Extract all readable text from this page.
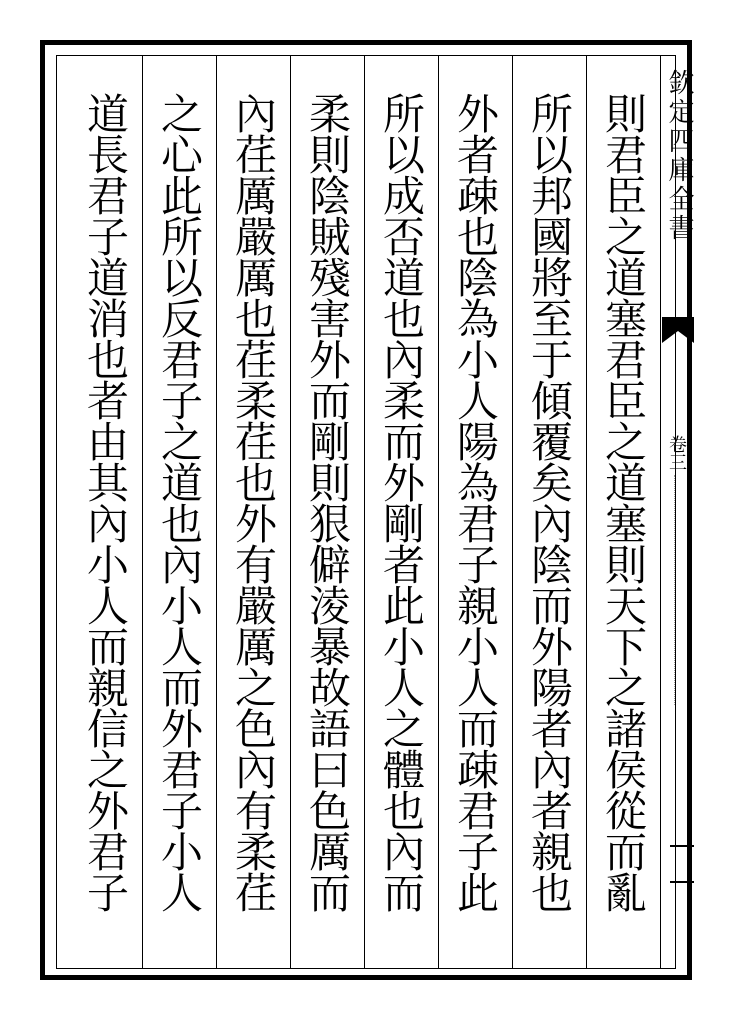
則君臣之道塞君臣之道塞則天下之諸侯從而亂
所以邦國將至于傾覆矣內陰而外陽者內者親也
外者疎也陰為小人陽為君子親小人而疎君子此
所以成否道也內柔而外剛者此小人之體也內而
柔則陰賊殘害外而剛則狠僻淩暴故語曰色厲而
內荏厲嚴厲也荏柔荏也外有嚴厲之色內有柔荏
之心此所以反君子之道也內小人而外君子小人
道長君子道消也者由其內小人而親信之外君子	欽定四庫全書
卷三
